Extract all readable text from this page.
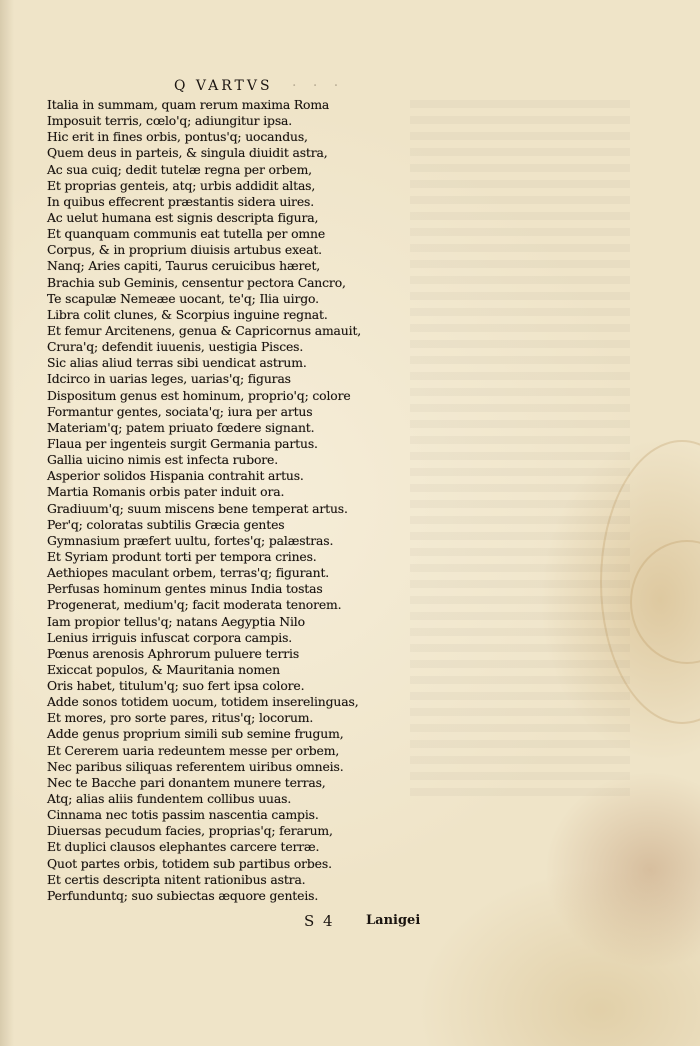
Q VARTVS · · ·
Italia in summam, quam rerum maxima Roma
Imposuit terris, cœlo'q; adiungitur ipsa.
Hic erit in fines orbis, pontus'q; uocandus,
Quem deus in parteis, & singula diuidit astra,
Ac sua cuiq; dedit tutelæ regna per orbem,
Et proprias genteis, atq; urbis addidit altas,
In quibus effecrent præstantis sidera uires.
Ac uelut humana est signis descripta figura,
Et quanquam communis eat tutella per omne
Corpus, & in proprium diuisis artubus exeat.
Nanq; Aries capiti, Taurus ceruicibus hæret,
Brachia sub Geminis, censentur pectora Cancro,
Te scapulæ Nemeæe uocant, te'q; Ilia uirgo.
Libra colit clunes, & Scorpius inguine regnat.
Et femur Arcitenens, genua & Capricornus amauit,
Crura'q; defendit iuuenis, uestigia Pisces.
Sic alias aliud terras sibi uendicat astrum.
Idcirco in uarias leges, uarias'q; figuras
Dispositum genus est hominum, proprio'q; colore
Formantur gentes, sociata'q; iura per artus
Materiam'q; patem priuato fœdere signant.
Flaua per ingenteis surgit Germania partus.
Gallia uicino nimis est infecta rubore.
Asperior solidos Hispania contrahit artus.
Martia Romanis orbis pater induit ora.
Gradiuum'q; suum miscens bene temperat artus.
Per'q; coloratas subtilis Græcia gentes
Gymnasium præfert uultu, fortes'q; palæstras.
Et Syriam produnt torti per tempora crines.
Aethiopes maculant orbem, terras'q; figurant.
Perfusas hominum gentes minus India tostas
Progenerat, medium'q; facit moderata tenorem.
Iam propior tellus'q; natans Aegyptia Nilo
Lenius irriguis infuscat corpora campis.
Pœnus arenosis Aphrorum puluere terris
Exiccat populos, & Mauritania nomen
Oris habet, titulum'q; suo fert ipsa colore.
Adde sonos totidem uocum, totidem inserelinguas,
Et mores, pro sorte pares, ritus'q; locorum.
Adde genus proprium simili sub semine frugum,
Et Cererem uaria redeuntem messe per orbem,
Nec paribus siliquas referentem uiribus omneis.
Nec te Bacche pari donantem munere terras,
Atq; alias aliis fundentem collibus uuas.
Cinnama nec totis passim nascentia campis.
Diuersas pecudum facies, proprias'q; ferarum,
Et duplici clausos elephantes carcere terræ.
Quot partes orbis, totidem sub partibus orbes.
Et certis descripta nitent rationibus astra.
Perfunduntq; suo subiectas æquore genteis.
S 4 Lanigei
